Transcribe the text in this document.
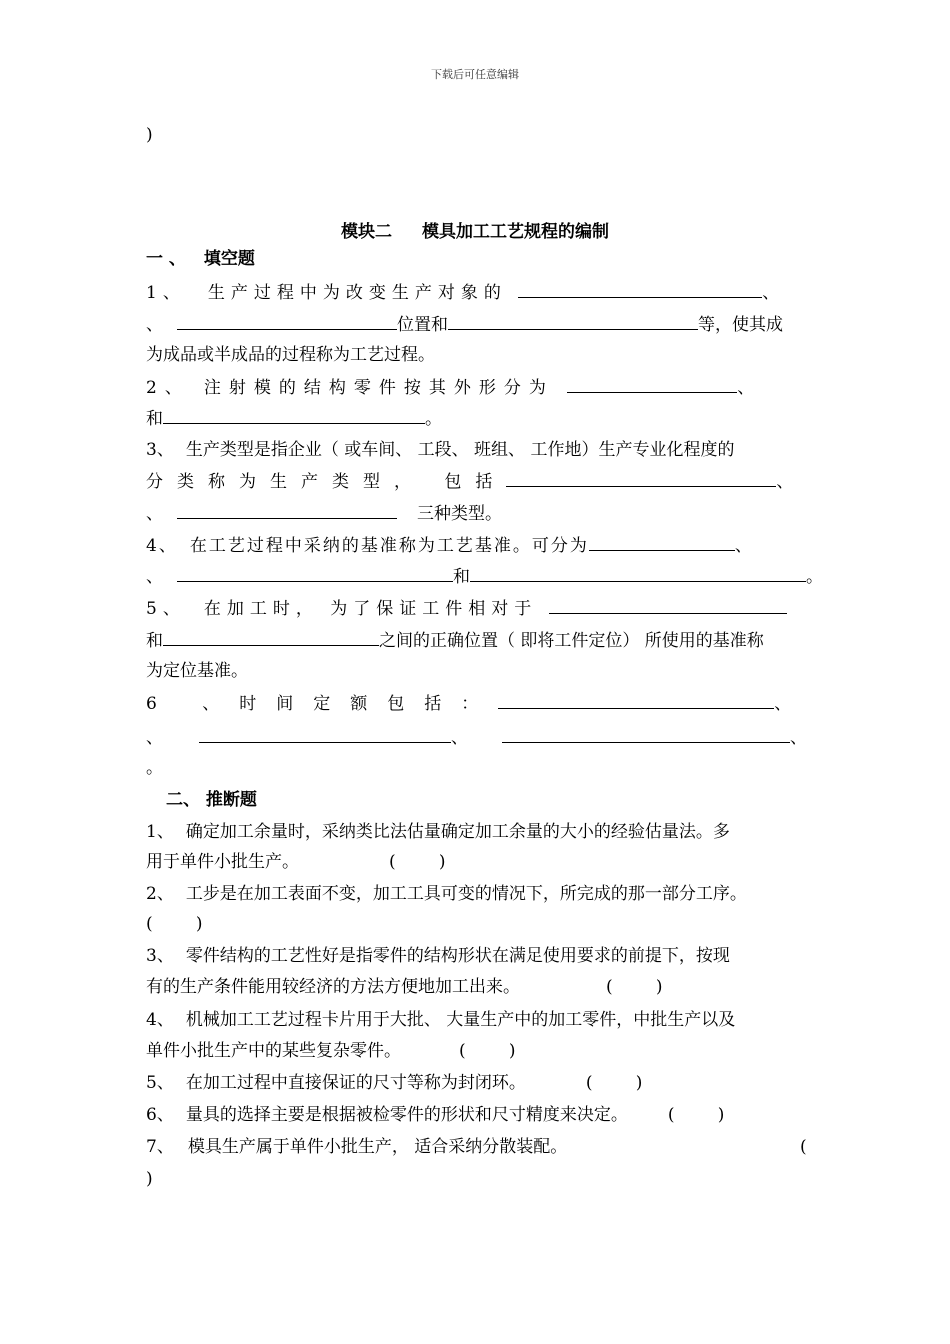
下载后可任意编辑
)
模块二 模具加工工艺规程的编制
一 、 填空题
1、 生产过程中为改变生产对象的	、
、	位置和	等，使其成
为成品或半成品的过程称为工艺过程。
2、 注射模的结构零件按其外形分为	、
和	。
3、 生产类型是指企业（ 或车间、 工段、 班组、 工作地）生产专业化程度的
分类称为生产类型， 包括	、
、	三种类型。
4、 在工艺过程中采纳的基准称为工艺基准。可分为	、
、	和	。
5、 在加工时， 为了保证工件相对于
和	之间的正确位置（ 即将工件定位） 所使用的基准称
为定位基准。
6 、时间定额包括：	、
、	、	、
。
二、 推断题
1、 确定加工余量时，采纳类比法估量确定加工余量的大小的经验估量法。多
用于单件小批生产。	(        )
2、 工步是在加工表面不变，加工工具可变的情况下，所完成的那一部分工序。
(        )
3、 零件结构的工艺性好是指零件的结构形状在满足使用要求的前提下，按现
有的生产条件能用较经济的方法方便地加工出来。	(        )
4、 机械加工工艺过程卡片用于大批、 大量生产中的加工零件，中批生产以及
单件小批生产中的某些复杂零件。	(        )
5、 在加工过程中直接保证的尺寸等称为封闭环。	(        )
6、 量具的选择主要是根据被检零件的形状和尺寸精度来决定。 (        )
7、 模具生产属于单件小批生产， 适合采纳分散装配。	(
)
